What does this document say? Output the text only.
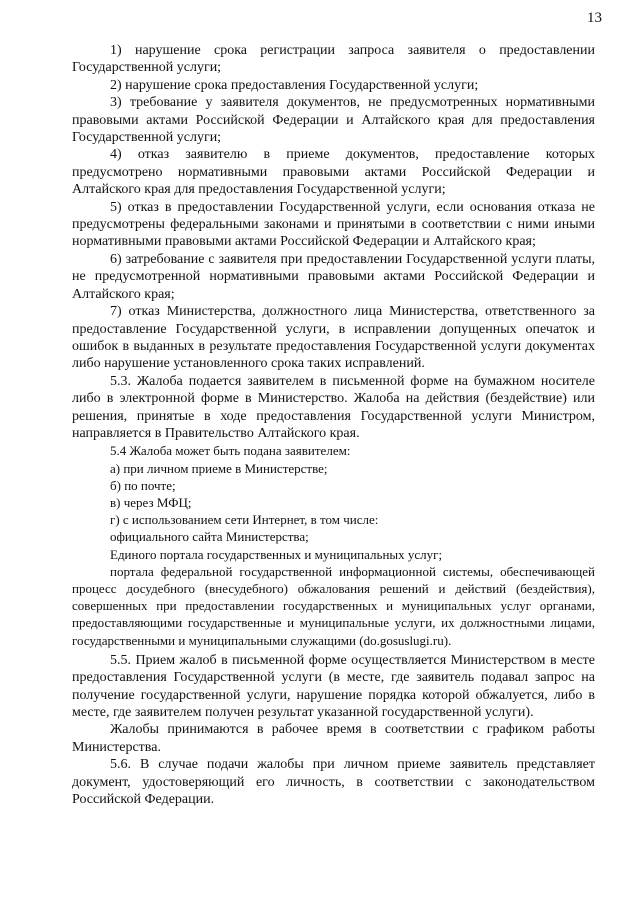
13

1) нарушение срока регистрации запроса заявителя о предоставлении Государственной услуги;

2) нарушение срока предоставления Государственной услуги;

3) требование у заявителя документов, не предусмотренных нормативными правовыми актами Российской Федерации и Алтайского края для предоставления Государственной услуги;

4) отказ заявителю в приеме документов, предоставление которых предусмотрено нормативными правовыми актами Российской Федерации и Алтайского края для предоставления Государственной услуги;

5) отказ в предоставлении Государственной услуги, если основания отказа не предусмотрены федеральными законами и принятыми в соответствии с ними иными нормативными правовыми актами Российской Федерации и Алтайского края;

6) затребование с заявителя при предоставлении Государственной услуги платы, не предусмотренной нормативными правовыми актами Российской Федерации и Алтайского края;

7) отказ Министерства, должностного лица Министерства, ответственного за предоставление Государственной услуги, в исправлении допущенных опечаток и ошибок в выданных в результате предоставления Государственной услуги документах либо нарушение установленного срока таких исправлений.

5.3. Жалоба подается заявителем в письменной форме на бумажном носителе либо в электронной форме в Министерство. Жалоба на действия (бездействие) или решения, принятые в ходе предоставления Государственной услуги Министром, направляется в Правительство Алтайского края.

5.4 Жалоба может быть подана заявителем:

а) при личном приеме в Министерстве;

б) по почте;

в) через МФЦ;

г) с использованием сети Интернет, в том числе:

официального сайта Министерства;

Единого портала государственных и муниципальных услуг;

портала федеральной государственной информационной системы, обеспечивающей процесс досудебного (внесудебного) обжалования решений и действий (бездействия), совершенных при предоставлении государственных и муниципальных услуг органами, предоставляющими государственные и муниципальные услуги, их должностными лицами, государственными и муниципальными служащими (do.gosuslugi.ru).

5.5. Прием жалоб в письменной форме осуществляется Министерством в месте предоставления Государственной услуги (в месте, где заявитель подавал запрос на получение государственной услуги, нарушение порядка которой обжалуется, либо в месте, где заявителем получен результат указанной государственной услуги).

Жалобы принимаются в рабочее время в соответствии с графиком работы Министерства.

5.6. В случае подачи жалобы при личном приеме заявитель представляет документ, удостоверяющий его личность, в соответствии с законодательством Российской Федерации.
